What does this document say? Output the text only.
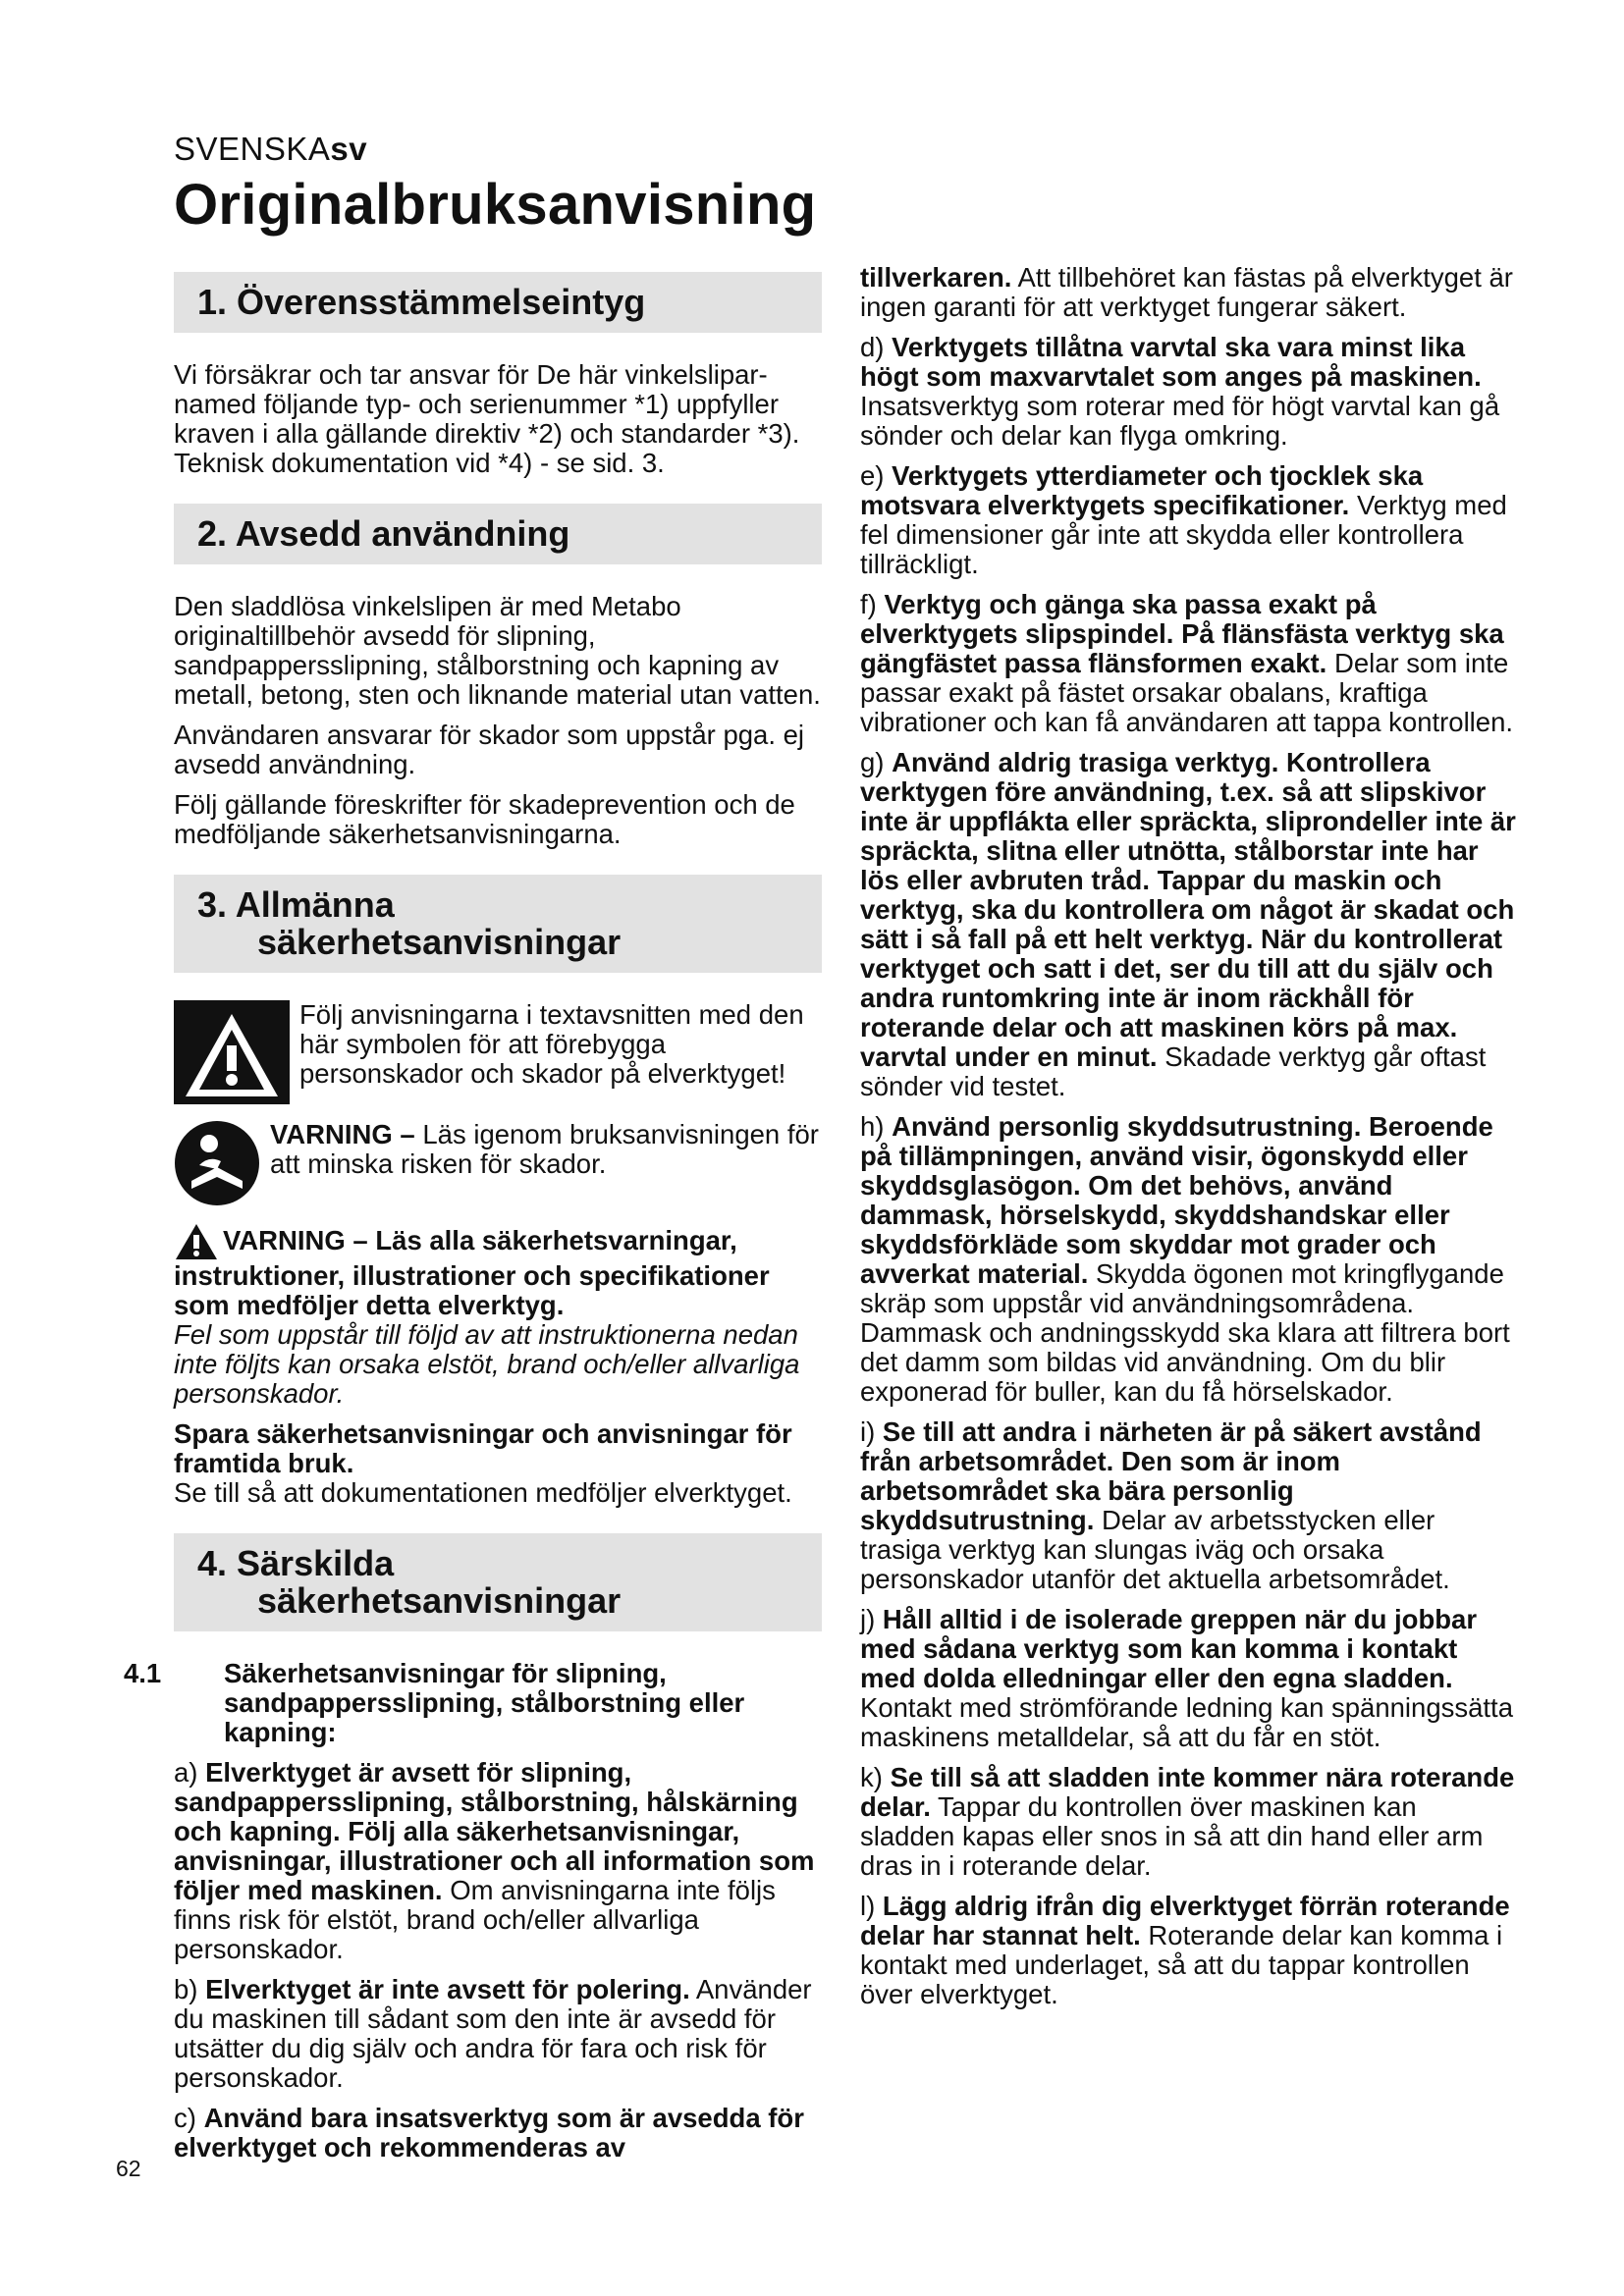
SVENSKAsv
Originalbruksanvisning
1. Överensstämmelseintyg

Vi försäkrar och tar ansvar för De här vinkelslipar-named följande typ- och serienummer *1) uppfyller kraven i alla gällande direktiv *2) och standarder *3). Teknisk dokumentation vid *4) - se sid. 3.

2. Avsedd användning

Den sladdlösa vinkelslipen är med Metabo originaltillbehör avsedd för slipning, sandpappersslipning, stålborstning och kapning av metall, betong, sten och liknande material utan vatten.

Användaren ansvarar för skador som uppstår pga. ej avsedd användning.

Följ gällande föreskrifter för skadeprevention och de medföljande säkerhetsanvisningarna.

3. Allmänna
säkerhetsanvisningar
Följ anvisningarna i textavsnitten med den här symbolen för att förebygga personskador och skador på elverktyget!
VARNING – Läs igenom bruksanvisningen för att minska risken för skador.

VARNING – Läs alla säkerhetsvarningar, instruktioner, illustrationer och specifikationer som medföljer detta elverktyg.

Fel som uppstår till följd av att instruktionerna nedan inte följts kan orsaka elstöt, brand och/eller allvarliga personskador.

Spara säkerhetsanvisningar och anvisningar för framtida bruk.

Se till så att dokumentationen medföljer elverktyget.

4. Särskilda
säkerhetsanvisningar

4.1 Säkerhetsanvisningar för slipning, sandpappersslipning, stålborstning eller kapning:

a) Elverktyget är avsett för slipning, sandpappersslipning, stålborstning, hålskärning och kapning. Följ alla säkerhetsanvisningar, anvisningar, illustrationer och all information som följer med maskinen. Om anvisningarna inte följs finns risk för elstöt, brand och/eller allvarliga personskador.

b) Elverktyget är inte avsett för polering. Använder du maskinen till sådant som den inte är avsedd för utsätter du dig själv och andra för fara och risk för personskador.

c) Använd bara insatsverktyg som är avsedda för elverktyget och rekommenderas av

tillverkaren. Att tillbehöret kan fästas på elverktyget är ingen garanti för att verktyget fungerar säkert.

d) Verktygets tillåtna varvtal ska vara minst lika högt som maxvarvtalet som anges på maskinen. Insatsverktyg som roterar med för högt varvtal kan gå sönder och delar kan flyga omkring.

e) Verktygets ytterdiameter och tjocklek ska motsvara elverktygets specifikationer. Verktyg med fel dimensioner går inte att skydda eller kontrollera tillräckligt.

f) Verktyg och gänga ska passa exakt på elverktygets slipspindel. På flänsfästa verktyg ska gängfästet passa flänsformen exakt. Delar som inte passar exakt på fästet orsakar obalans, kraftiga vibrationer och kan få användaren att tappa kontrollen.

g) Använd aldrig trasiga verktyg. Kontrollera verktygen före användning, t.ex. så att slipskivor inte är uppflákta eller spräckta, sliprondeller inte är spräckta, slitna eller utnötta, stålborstar inte har lös eller avbruten tråd. Tappar du maskin och verktyg, ska du kontrollera om något är skadat och sätt i så fall på ett helt verktyg. När du kontrollerat verktyget och satt i det, ser du till att du själv och andra runtomkring inte är inom räckhåll för roterande delar och att maskinen körs på max. varvtal under en minut. Skadade verktyg går oftast sönder vid testet.

h) Använd personlig skyddsutrustning. Beroende på tillämpningen, använd visir, ögonskydd eller skyddsglasögon. Om det behövs, använd dammask, hörselskydd, skyddshandskar eller skyddsförkläde som skyddar mot grader och avverkat material. Skydda ögonen mot kringflygande skräp som uppstår vid användningsområdena. Dammask och andningsskydd ska klara att filtrera bort det damm som bildas vid användning. Om du blir exponerad för buller, kan du få hörselskador.

i) Se till att andra i närheten är på säkert avstånd från arbetsområdet. Den som är inom arbetsområdet ska bära personlig skyddsutrustning. Delar av arbetsstycken eller trasiga verktyg kan slungas iväg och orsaka personskador utanför det aktuella arbetsområdet.

j) Håll alltid i de isolerade greppen när du jobbar med sådana verktyg som kan komma i kontakt med dolda elledningar eller den egna sladden. Kontakt med strömförande ledning kan spänningssätta maskinens metalldelar, så att du får en stöt.

k) Se till så att sladden inte kommer nära roterande delar. Tappar du kontrollen över maskinen kan sladden kapas eller snos in så att din hand eller arm dras in i roterande delar.

l) Lägg aldrig ifrån dig elverktyget förrän roterande delar har stannat helt. Roterande delar kan komma i kontakt med underlaget, så att du tappar kontrollen över elverktyget.

62
